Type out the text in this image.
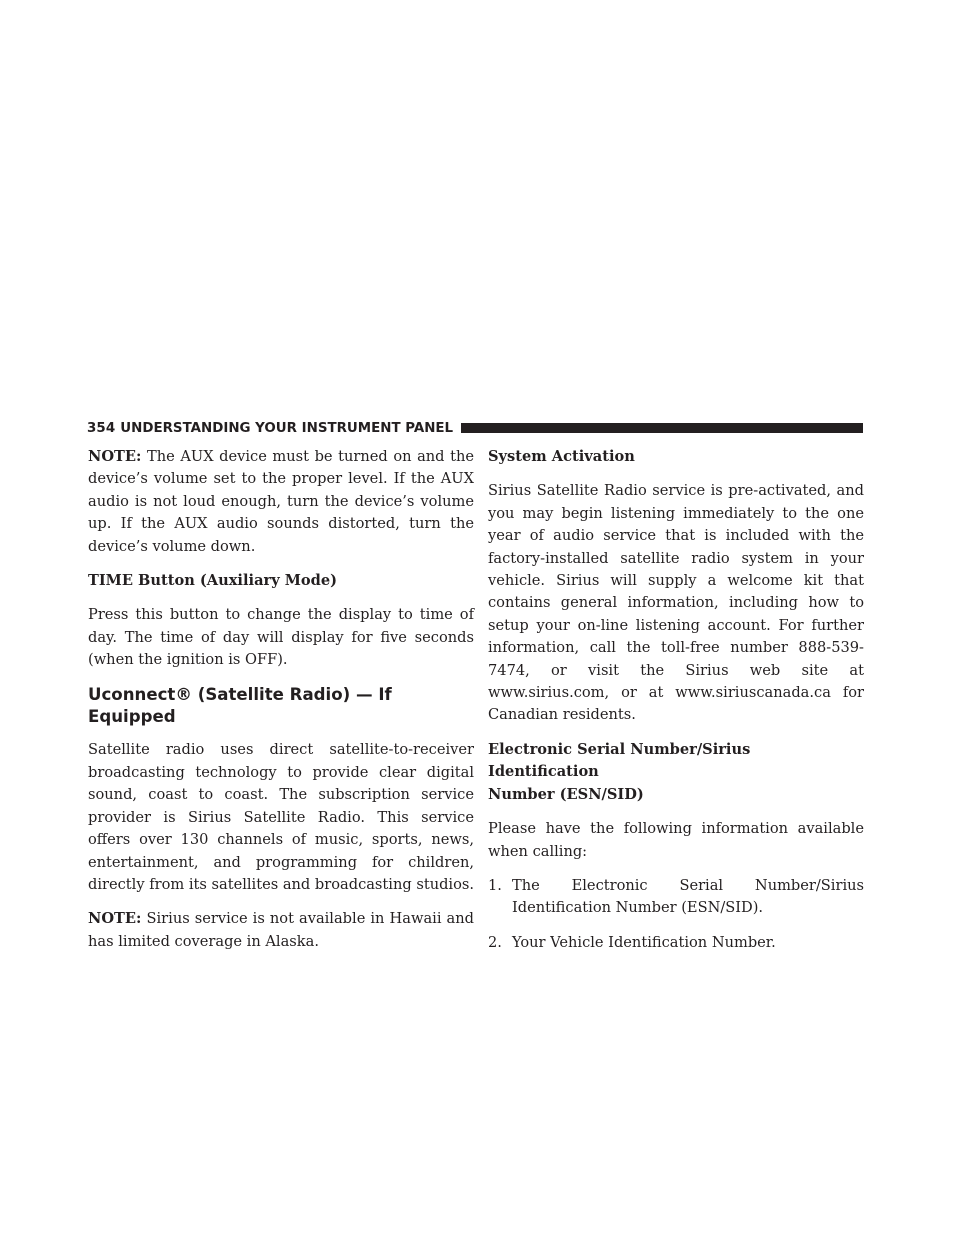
354 UNDERSTANDING YOUR INSTRUMENT PANEL

NOTE: The AUX device must be turned on and the device’s volume set to the proper level. If the AUX audio is not loud enough, turn the device’s volume up. If the AUX audio sounds distorted, turn the device’s volume down.

TIME Button (Auxiliary Mode)

Press this button to change the display to time of day. The time of day will display for five seconds (when the ignition is OFF).

Uconnect® (Satellite Radio) — If Equipped

Satellite radio uses direct satellite-to-receiver broadcasting technology to provide clear digital sound, coast to coast. The subscription service provider is Sirius Satellite Radio. This service offers over 130 channels of music, sports, news, entertainment, and programming for children, directly from its satellites and broadcasting studios.

NOTE: Sirius service is not available in Hawaii and has limited coverage in Alaska.

System Activation

Sirius Satellite Radio service is pre-activated, and you may begin listening immediately to the one year of audio service that is included with the factory-installed satellite radio system in your vehicle. Sirius will supply a welcome kit that contains general information, including how to setup your on-line listening account. For further information, call the toll-free number 888-539-7474, or visit the Sirius web site at www.sirius.com, or at www.siriuscanada.ca for Canadian residents.

Electronic Serial Number/Sirius Identification
Number (ESN/SID)

Please have the following information available when calling:

1. The Electronic Serial Number/Sirius Identification Number (ESN/SID).
2. Your Vehicle Identification Number.
